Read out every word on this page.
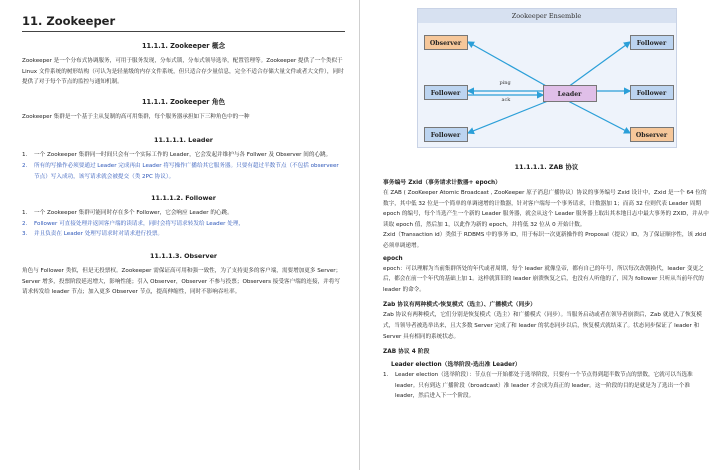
11. Zookeeper
11.1.1. Zookeeper 概念
Zookeeper 是一个分布式协调服务，可用于服务发现，分布式锁，分布式领导选举，配置管理等。Zookeeper 提供了一个类似于 Linux 文件系统的树形结构（可认为是轻量级的内存文件系统，但只适合存少量信息，完全不适合存储大量文件或者大文件），同时提供了对于每个节点的监控与通知机制。
11.1.1. Zookeeper 角色
Zookeeper 集群是一个基于主从复制的高可用集群，每个服务器承担如下三种角色中的一种
11.1.1.1. Leader
1.	一个 Zookeeper 集群同一时间只会有一个实际工作的 Leader，它会发起并维护与各 Follwer 及 Observer 间的心跳。
2.	所有的写操作必须要通过 Leader 完成再由 Leader 将写操作广播给其它服务器。只要有超过半数节点（不包括 observeer 节点）写入成功，该写请求就会被提交（类 2PC 协议）。
11.1.1.2. Follower
1.	一个 Zookeeper 集群可能同时存在多个 Follower，它会响应 Leader 的心跳。
2.	Follower 可直接处理并返回客户端的读请求，同时会将写请求转发给 Leader 处理，
3.	并且负责在 Leader 处理写请求时对请求进行投票。
11.1.1.3. Observer
角色与 Follower 类似，但是无投票权。Zookeeper 需保证高可用和强一致性，为了支持更多的客户端，需要增加更多 Server；Server 增多，投票阶段延迟增大，影响性能；引入 Observer，Observer 不参与投票；Observers 接受客户端的连接，并将写请求转发给 leader 节点；加入更多 Observer 节点，提高伸缩性，同时不影响吞吐率。
Zookeeper Ensemble
Observer	Follower
Follower	Leader	Follower
Follower	Observer
ping
ack
11.1.1.1. ZAB 协议
事务编号 Zxid（事务请求计数器+ epoch）
在 ZAB ( ZooKeeper Atomic Broadcast , ZooKeeper 原子消息广播协议）协议的事务编号 Zxid 设计中，Zxid 是一个 64 位的数字，其中低 32 位是一个简单的单调递增的计数器，针对客户端每一个事务请求，计数器加 1；而高 32 位则代表 Leader 周期 epoch 的编号，每个当选产生一个新的 Leader 服务器，就会从这个 Leader 服务器上取出其本地日志中最大事务的 ZXID，并从中读取 epoch 值，然后加 1，以此作为新的 epoch，并将低 32 位从 0 开始计数。
Zxid（Transaction id）类似于 RDBMS 中的事务 ID，用于标识一次更新操作的 Proposal（提议）ID。为了保证顺序性，该 zkid 必须单调递增。
epoch
epoch：可以理解为当前集群所处的年代或者周期，每个 leader 就像皇帝，都有自己的年号，所以每次改朝换代，leader 变更之后，都会在前一个年代的基础上加 1。这样就算旧的 leader 崩溃恢复之后，也没有人听他的了，因为 follower 只听从当前年代的 leader 的命令。
Zab 协议有两种模式-恢复模式（选主）、广播模式（同步）
Zab 协议有两种模式，它们分别是恢复模式（选主）和广播模式（同步）。当服务启动或者在领导者崩溃后，Zab 就进入了恢复模式，当领导者被选举出来，且大多数 Server 完成了和 leader 的状态同步以后，恢复模式就结束了。状态同步保证了 leader 和 Server 具有相同的系统状态。
ZAB 协议 4 阶段
Leader election（选举阶段-选出准 Leader）
1.	Leader election（选举阶段）：节点在一开始都处于选举阶段，只要有一个节点得到超半数节点的票数，它就可以当选准 leader。只有到达 广播阶段（broadcast）准 leader 才会成为真正的 leader。这一阶段的目的是就是为了选出一个准 leader，然后进入下一个阶段。
